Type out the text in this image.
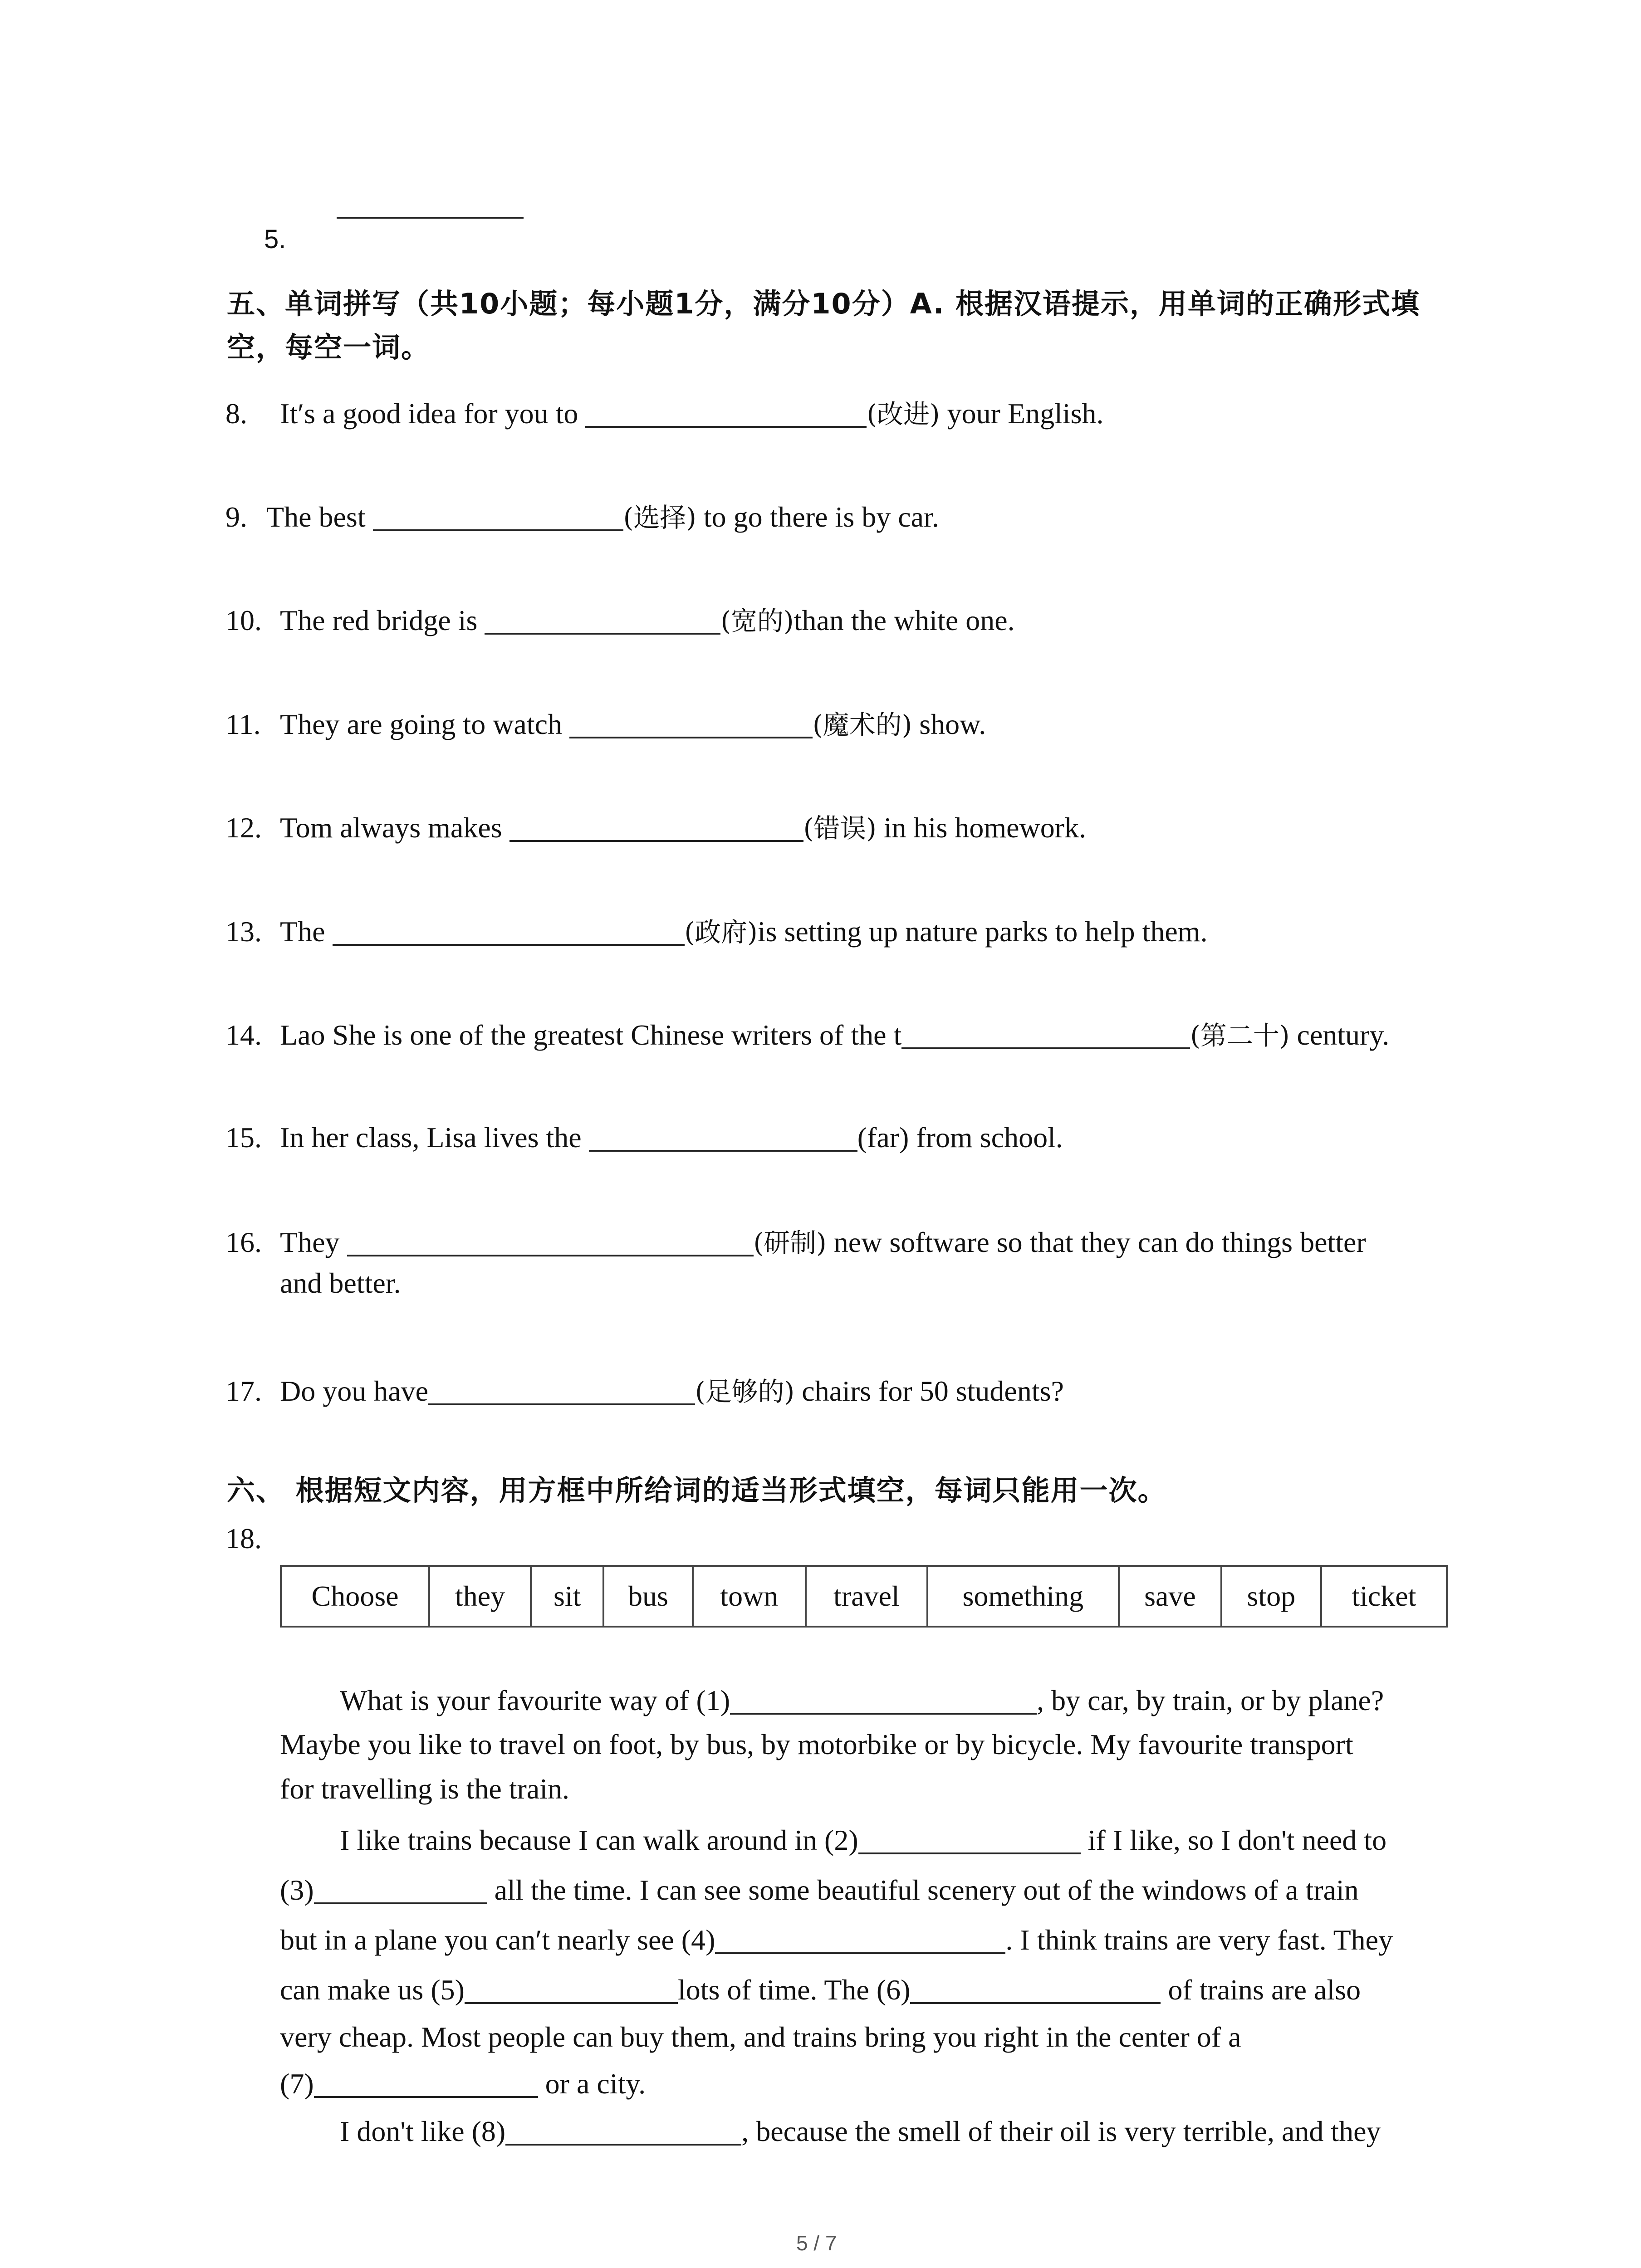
5.
五、单词拼写（共10小题；每小题1分，满分10分）A. 根据汉语提示，用单词的正确形式填
空，每空一词。
8. It′s a good idea for you to	(改进) your English.
9. The best	(选择) to go there is by car.
10. The red bridge is	(宽的)than the white one.
11. They are going to watch	(魔术的) show.
12. Tom always makes	(错误) in his homework.
13. The	(政府)is setting up nature parks to help them.
14. Lao She is one of the greatest Chinese writers of the t	(第二十) century.
15. In her class, Lisa lives the	(far) from school.
16. They	(研制) new software so that they can do things better
and better.
17. Do you have	(足够的) chairs for 50 students?
六、 根据短文内容，用方框中所给词的适当形式填空，每词只能用一次。
18.
Choose	they	sit	bus	town	travel	something	save	stop	ticket

What is your favourite way of (1)	, by car, by train, or by plane?

Maybe you like to travel on foot, by bus, by motorbike or by bicycle. My favourite transport

for travelling is the train.

I like trains because I can walk around in (2)	if I like, so I don't need to

(3)	all the time. I can see some beautiful scenery out of the windows of a train

but in a plane you can′t nearly see (4)	. I think trains are very fast. They

can make us (5)	lots of time. The (6)	of trains are also

very cheap. Most people can buy them, and trains bring you right in the center of a

(7)	or a city.

I don't like (8)	, because the smell of their oil is very terrible, and they

5 / 7
